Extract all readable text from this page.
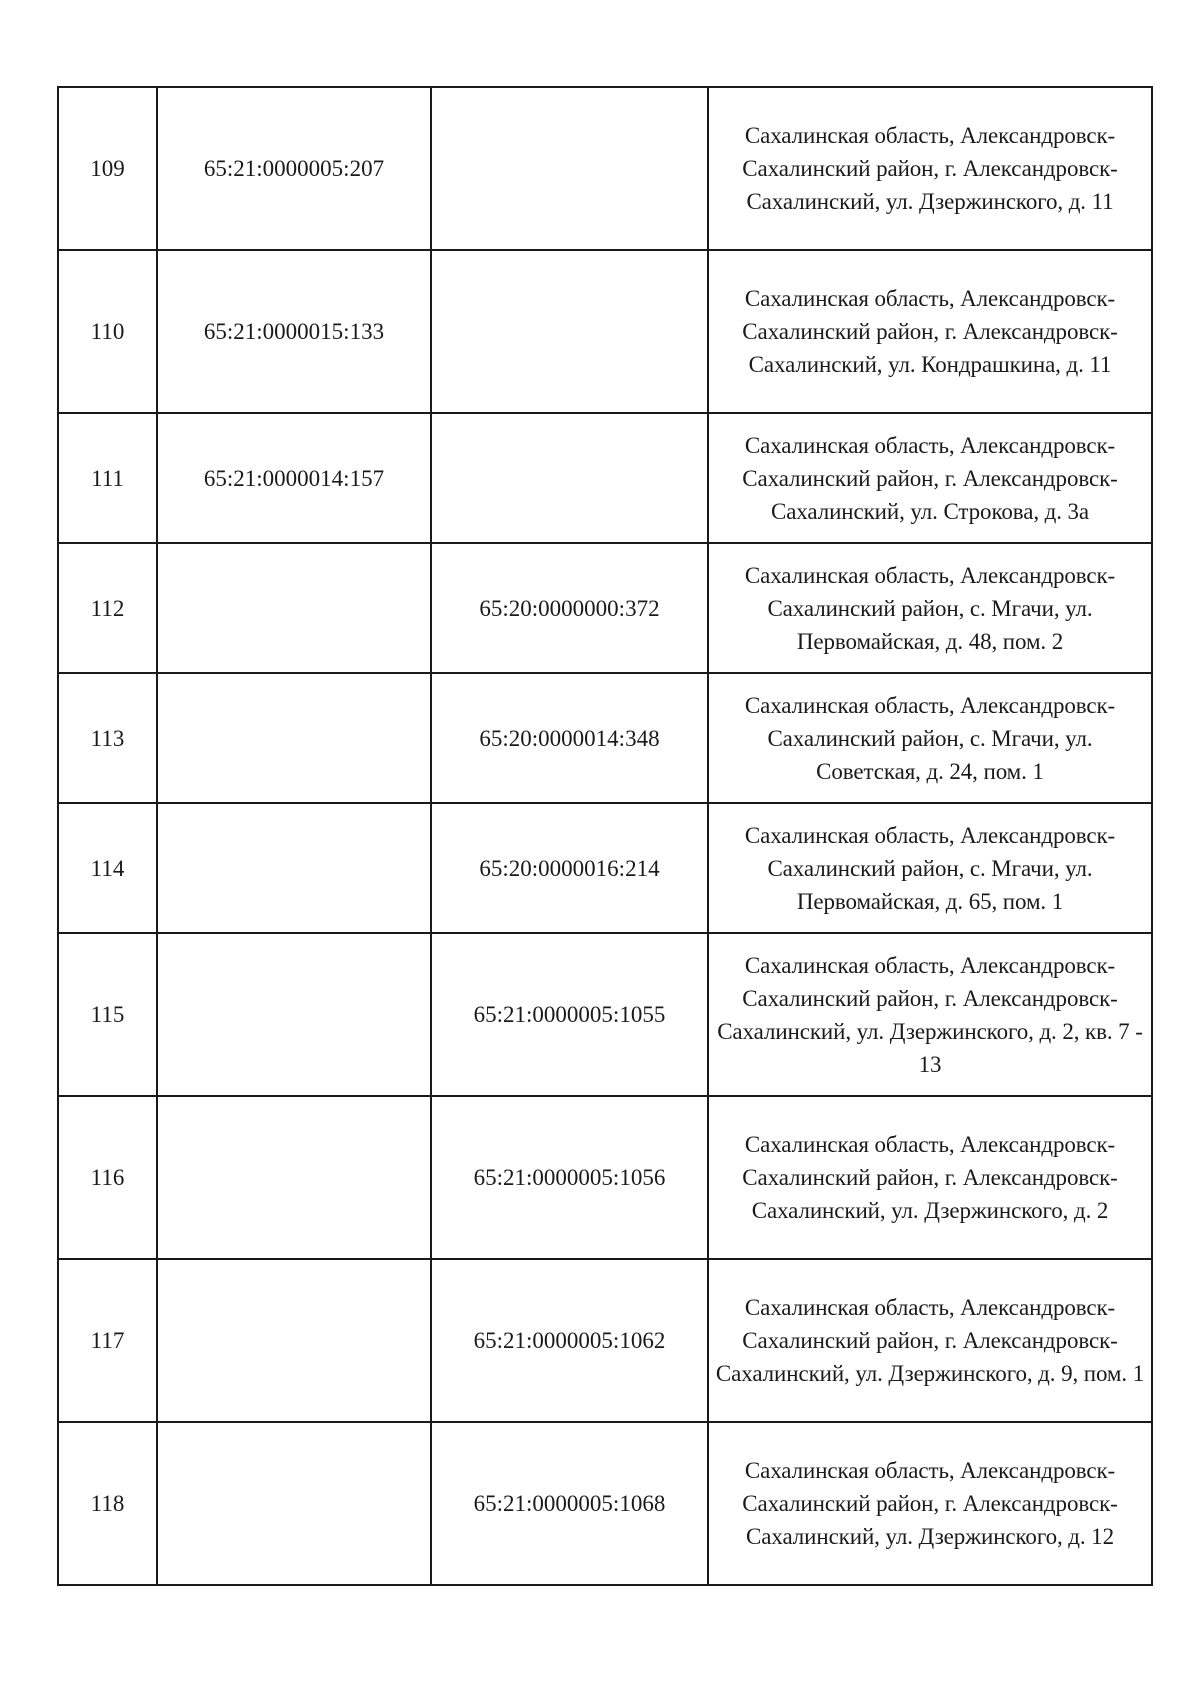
109	65:21:0000005:207		Сахалинская область, Александровск-Сахалинский район, г. Александровск-Сахалинский, ул. Дзержинского, д. 11
110	65:21:0000015:133		Сахалинская область, Александровск-Сахалинский район, г. Александровск-Сахалинский, ул. Кондрашкина, д. 11
111	65:21:0000014:157		Сахалинская область, Александровск-Сахалинский район, г. Александровск-Сахалинский, ул. Строкова, д. 3а
112		65:20:0000000:372	Сахалинская область, Александровск-Сахалинский район, с. Мгачи, ул. Первомайская, д. 48, пом. 2
113		65:20:0000014:348	Сахалинская область, Александровск-Сахалинский район, с. Мгачи, ул. Советская, д. 24, пом. 1
114		65:20:0000016:214	Сахалинская область, Александровск-Сахалинский район, с. Мгачи, ул. Первомайская, д. 65, пом. 1
115		65:21:0000005:1055	Сахалинская область, Александровск-Сахалинский район, г. Александровск-Сахалинский, ул. Дзержинского, д. 2, кв. 7 - 13
116		65:21:0000005:1056	Сахалинская область, Александровск-Сахалинский район, г. Александровск-Сахалинский, ул. Дзержинского, д. 2
117		65:21:0000005:1062	Сахалинская область, Александровск-Сахалинский район, г. Александровск-Сахалинский, ул. Дзержинского, д. 9, пом. 1
118		65:21:0000005:1068	Сахалинская область, Александровск-Сахалинский район, г. Александровск-Сахалинский, ул. Дзержинского, д. 12
